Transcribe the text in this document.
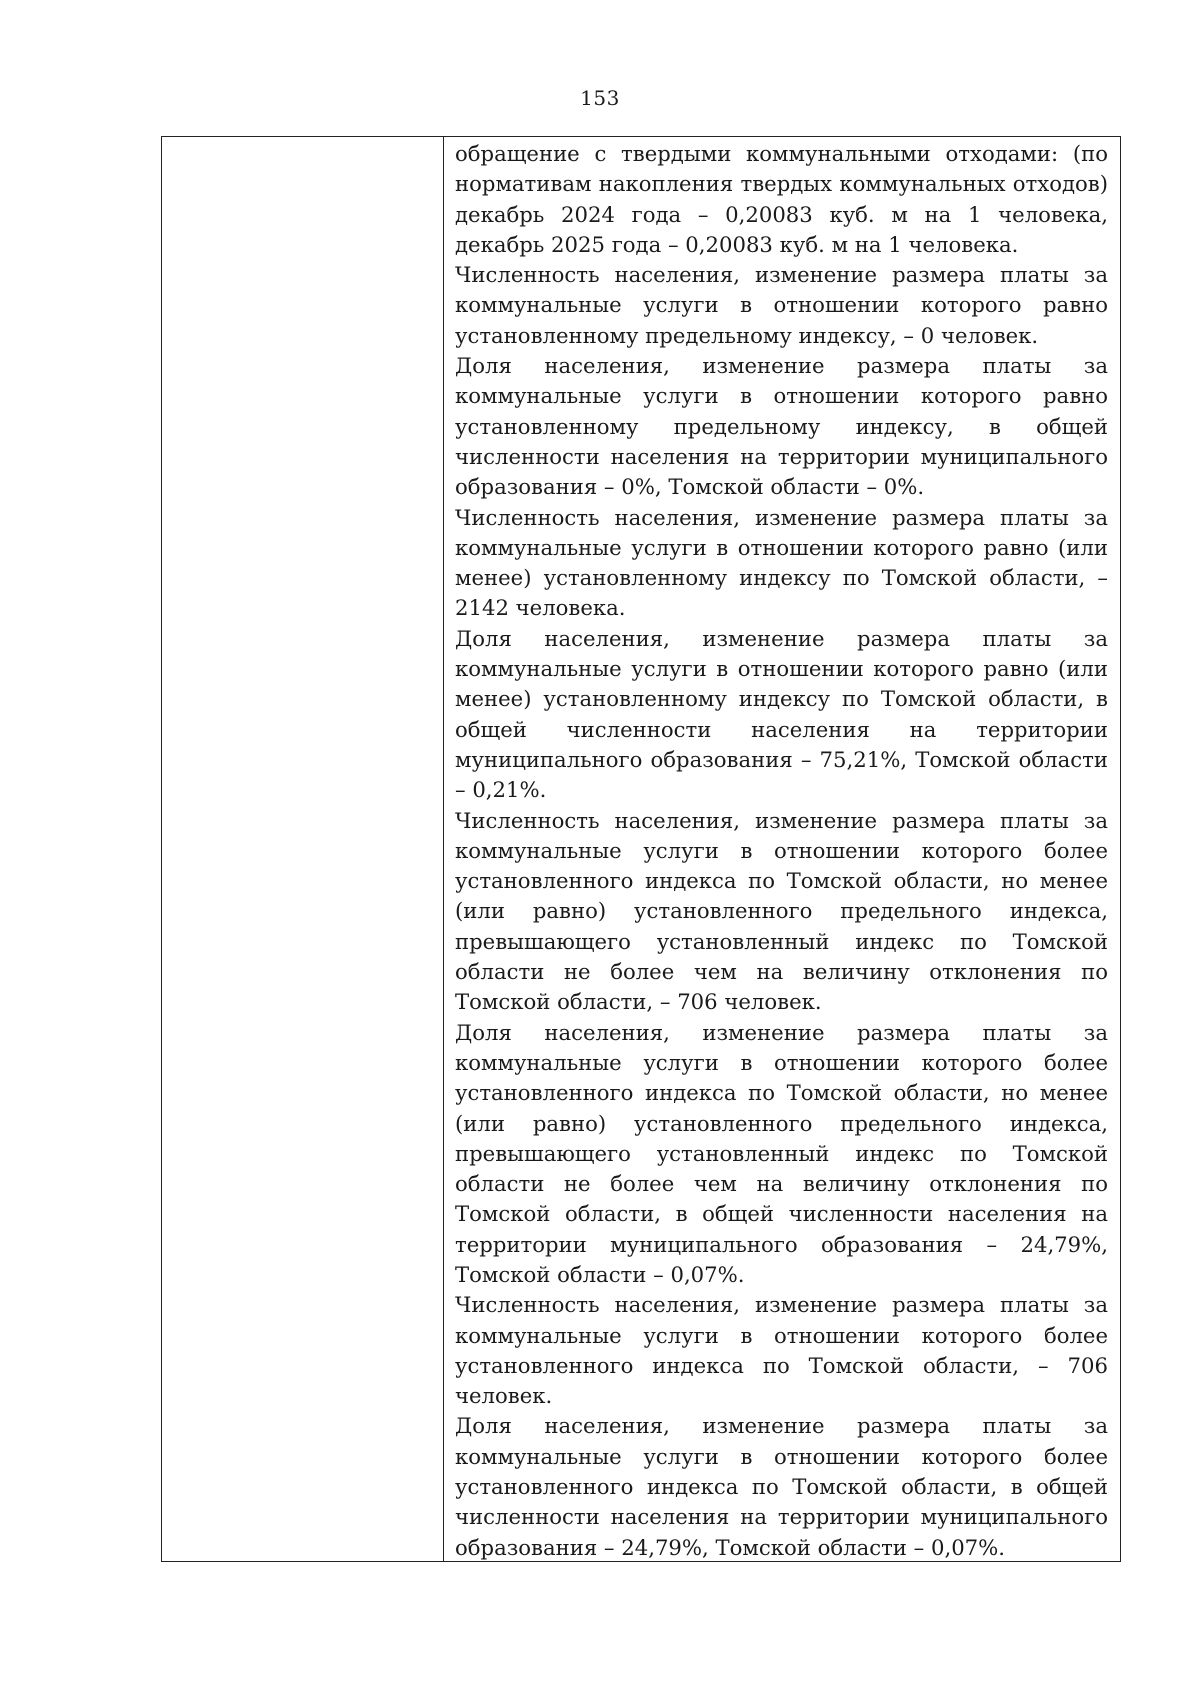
153

обращение с твердыми коммунальными отходами: (по нормативам накопления твердых коммунальных отходов) декабрь 2024 года – 0,20083 куб. м на 1 человека, декабрь 2025 года – 0,20083 куб. м на 1 человека.

Численность населения, изменение размера платы за коммунальные услуги в отношении которого равно установленному предельному индексу, – 0 человек.

Доля населения, изменение размера платы за коммунальные услуги в отношении которого равно установленному предельному индексу, в общей численности населения на территории муниципального образования – 0%, Томской области – 0%.

Численность населения, изменение размера платы за коммунальные услуги в отношении которого равно (или менее) установленному индексу по Томской области, – 2142 человека.

Доля населения, изменение размера платы за коммунальные услуги в отношении которого равно (или менее) установленному индексу по Томской области, в общей численности населения на территории муниципального образования – 75,21%, Томской области – 0,21%.

Численность населения, изменение размера платы за коммунальные услуги в отношении которого более установленного индекса по Томской области, но менее (или равно) установленного предельного индекса, превышающего установленный индекс по Томской области не более чем на величину отклонения по Томской области, – 706 человек.

Доля населения, изменение размера платы за коммунальные услуги в отношении которого более установленного индекса по Томской области, но менее (или равно) установленного предельного индекса, превышающего установленный индекс по Томской области не более чем на величину отклонения по Томской области, в общей численности населения на территории муниципального образования – 24,79%, Томской области – 0,07%.

Численность населения, изменение размера платы за коммунальные услуги в отношении которого более установленного индекса по Томской области, – 706 человек.

Доля населения, изменение размера платы за коммунальные услуги в отношении которого более установленного индекса по Томской области, в общей численности населения на территории муниципального образования – 24,79%, Томской области – 0,07%.
